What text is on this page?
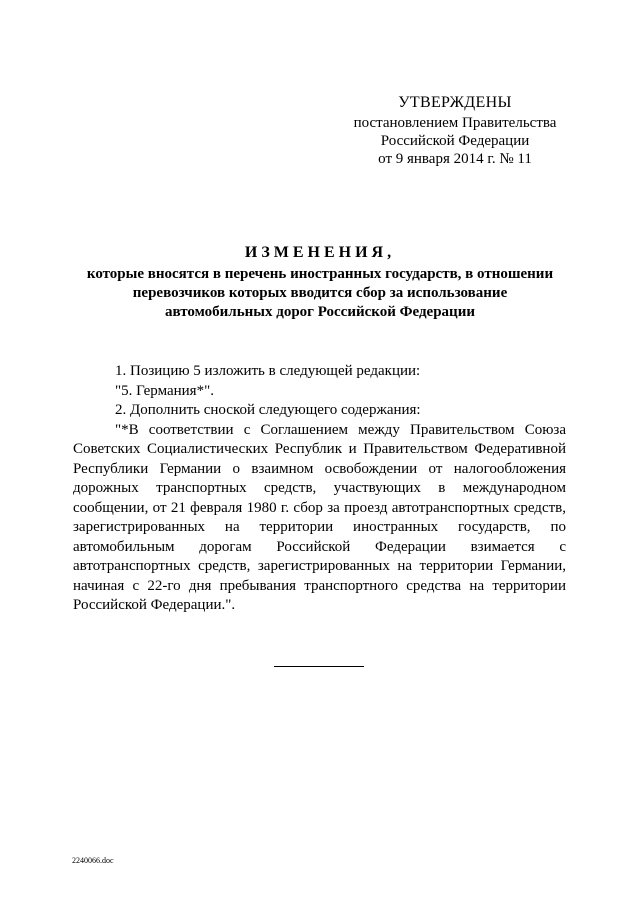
УТВЕРЖДЕНЫ
постановлением Правительства
Российской Федерации
от 9 января 2014 г. № 11
ИЗМЕНЕНИЯ,
которые вносятся в перечень иностранных государств, в отношении
перевозчиков которых вводится сбор за использование
автомобильных дорог Российской Федерации
1. Позицию 5 изложить в следующей редакции:
"5. Германия*".
2. Дополнить сноской следующего содержания:
"*В соответствии с Соглашением между Правительством Союза Советских Социалистических Республик и Правительством Федеративной Республики Германии о взаимном освобождении от налогообложения дорожных транспортных средств, участвующих в международном сообщении, от 21 февраля 1980 г. сбор за проезд автотранспортных средств, зарегистрированных на территории иностранных государств, по автомобильным дорогам Российской Федерации взимается с автотранспортных средств, зарегистрированных на территории Германии, начиная с 22-го дня пребывания транспортного средства на территории Российской Федерации.".
2240066.doc
